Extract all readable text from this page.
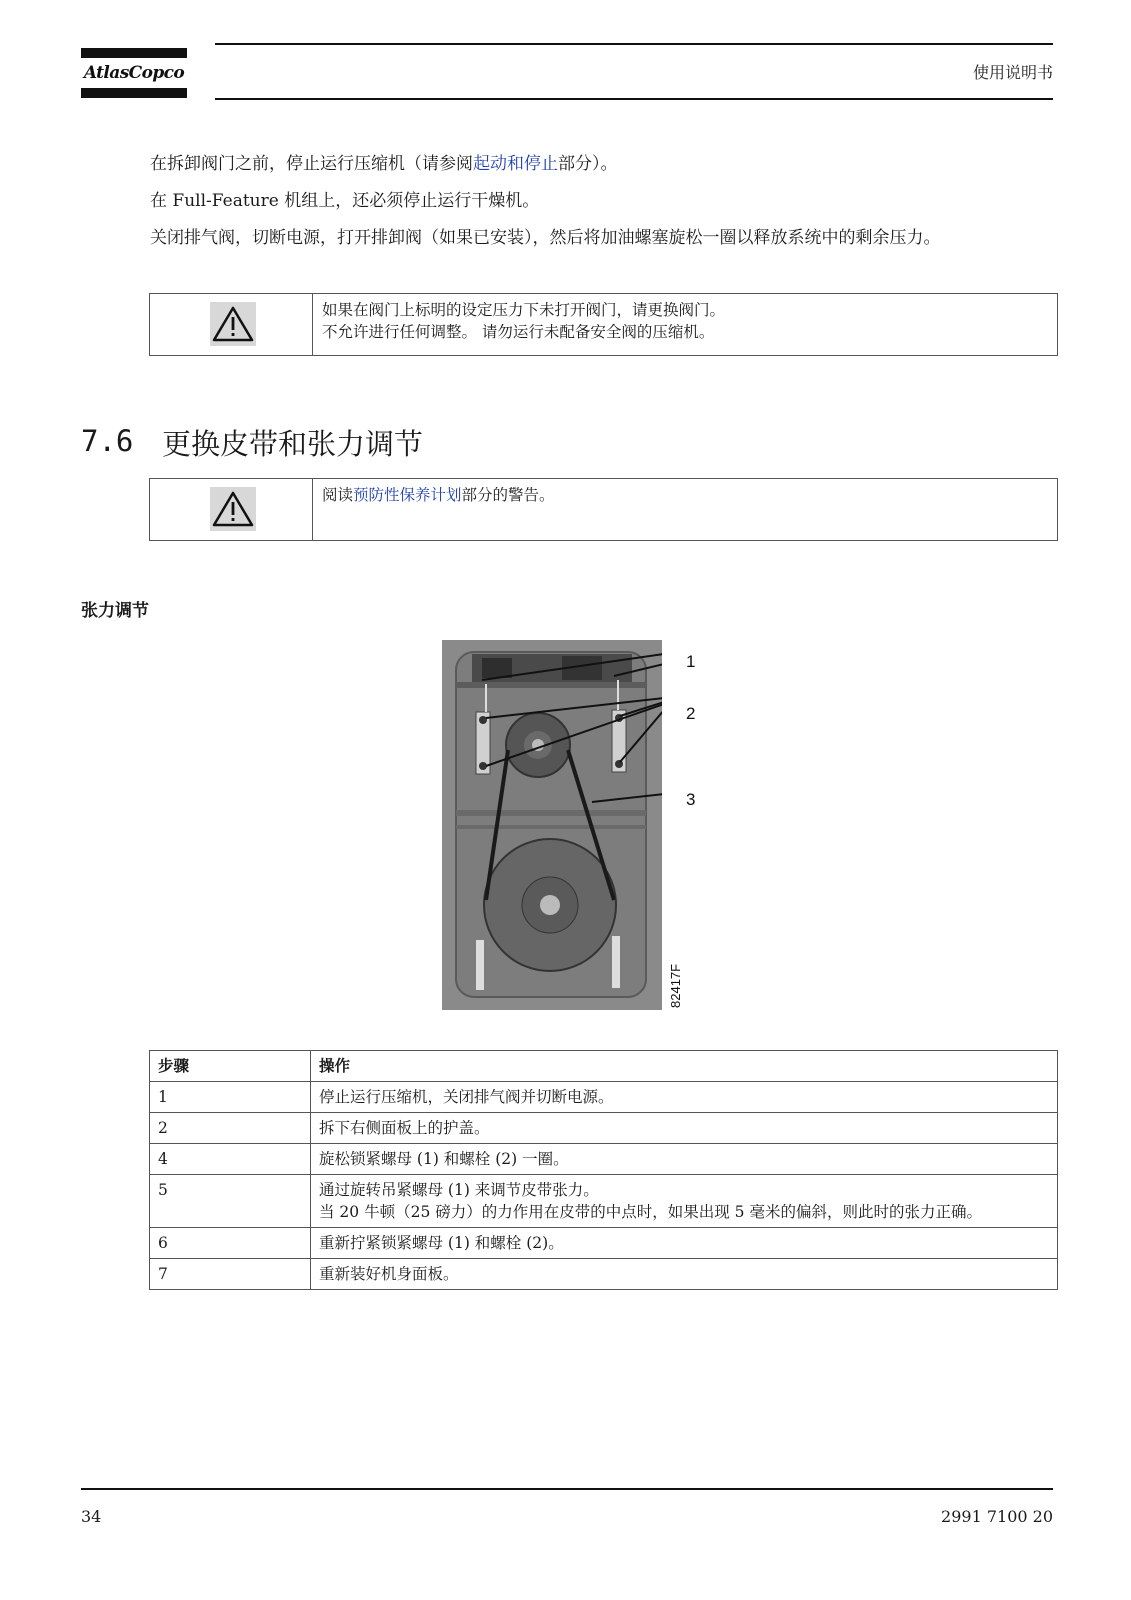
AtlasCopco	使用说明书
在拆卸阀门之前，停止运行压缩机（请参阅起动和停止部分）。
在 Full-Feature 机组上，还必须停止运行干燥机。
关闭排气阀，切断电源，打开排卸阀（如果已安装），然后将加油螺塞旋松一圈以释放系统中的剩余压力。
如果在阀门上标明的设定压力下未打开阀门，请更换阀门。
不允许进行任何调整。 请勿运行未配备安全阀的压缩机。
7.6 更换皮带和张力调节
阅读预防性保养计划部分的警告。
张力调节
1
2
3
82417F
步骤	操作
1	停止运行压缩机，关闭排气阀并切断电源。
2	拆下右侧面板上的护盖。
4	旋松锁紧螺母 (1) 和螺栓 (2) 一圈。
5	通过旋转吊紧螺母 (1) 来调节皮带张力。
当 20 牛顿（25 磅力）的力作用在皮带的中点时，如果出现 5 毫米的偏斜，则此时的张力正确。

6	重新拧紧锁紧螺母 (1) 和螺栓 (2)。
7	重新装好机身面板。
34	2991 7100 20
